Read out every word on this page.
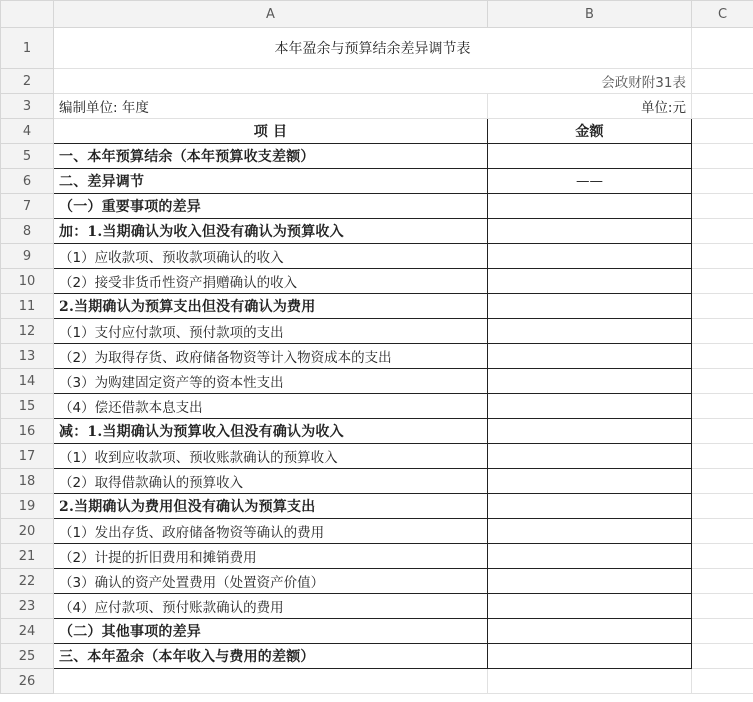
	A	B	C
1	本年盈余与预算结余差异调节表		
2		会政财附31表	
3	编制单位: 年度	单位:元	
4	项 目	金额	
5	一、本年预算结余（本年预算收支差额）		
6	二、差异调节	——	
7	（一）重要事项的差异		
8	加：1.当期确认为收入但没有确认为预算收入		
9	（1）应收款项、预收款项确认的收入		
10	（2）接受非货币性资产捐赠确认的收入		
11	2.当期确认为预算支出但没有确认为费用		
12	（1）支付应付款项、预付款项的支出		
13	（2）为取得存货、政府储备物资等计入物资成本的支出		
14	（3）为购建固定资产等的资本性支出		
15	（4）偿还借款本息支出		
16	减：1.当期确认为预算收入但没有确认为收入		
17	（1）收到应收款项、预收账款确认的预算收入		
18	（2）取得借款确认的预算收入		
19	2.当期确认为费用但没有确认为预算支出		
20	（1）发出存货、政府储备物资等确认的费用		
21	（2）计提的折旧费用和摊销费用		
22	（3）确认的资产处置费用（处置资产价值）		
23	（4）应付款项、预付账款确认的费用		
24	（二）其他事项的差异		
25	三、本年盈余（本年收入与费用的差额）		
26			
